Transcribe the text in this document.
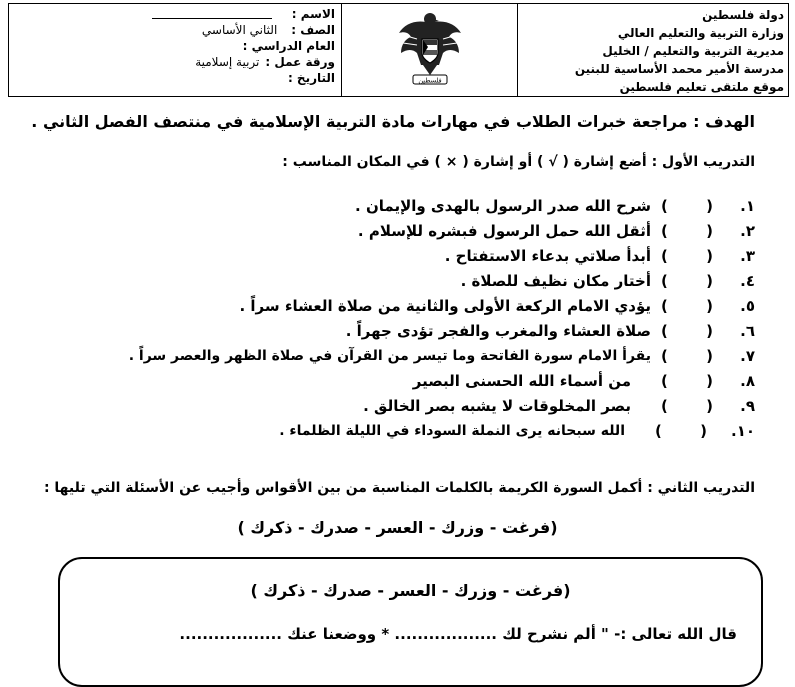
دولة فلسطين
وزارة التربية والتعليم العالي
مديرية التربية والتعليم / الخليل
مدرسة الأمير محمد الأساسية للبنين
موقع ملتقى تعليم فلسطين
فلسطين
الاسم :
الصف :
الثاني الأساسي
العام الدراسي :
ورقة عمل :
تربية إسلامية
التاريخ :
الهدف : مراجعة خبرات الطلاب في مهارات مادة التربية الإسلامية في منتصف الفصل الثاني .
التدريب الأول : أضع إشارة ( √ ) أو إشارة ( × ) في المكان المناسب :
١.
(
)
شرح الله صدر الرسول بالهدى والإيمان .
٢.
(
)
أثقل الله حمل الرسول فبشره للإسلام .
٣.
(
)
أبدأ صلاتي بدعاء الاستفتاح .
٤.
(
)
أختار مكان نظيف للصلاة .
٥.
(
)
يؤدي الامام الركعة الأولى والثانية من صلاة العشاء سراً .
٦.
(
)
صلاة العشاء والمغرب والفجر تؤدى جهراً .
٧.
(
)
يقرأ الامام سورة الفاتحة وما تيسر من القرآن في صلاة الظهر والعصر سراً .
٨.
(
)
من أسماء الله الحسنى البصير
٩.
(
)
بصر المخلوقات لا يشبه بصر الخالق .
١٠.
(
)
الله سبحانه يرى النملة السوداء في الليلة الظلماء .
التدريب الثاني : أكمل السورة الكريمة بالكلمات المناسبة من بين الأقواس وأجيب عن الأسئلة التي تليها :
(فرغت - وزرك - العسر - صدرك - ذكرك )
(فرغت - وزرك - العسر - صدرك - ذكرك )
قال الله تعالى :- " ألم نشرح لك .................. * ووضعنا عنك ..................
